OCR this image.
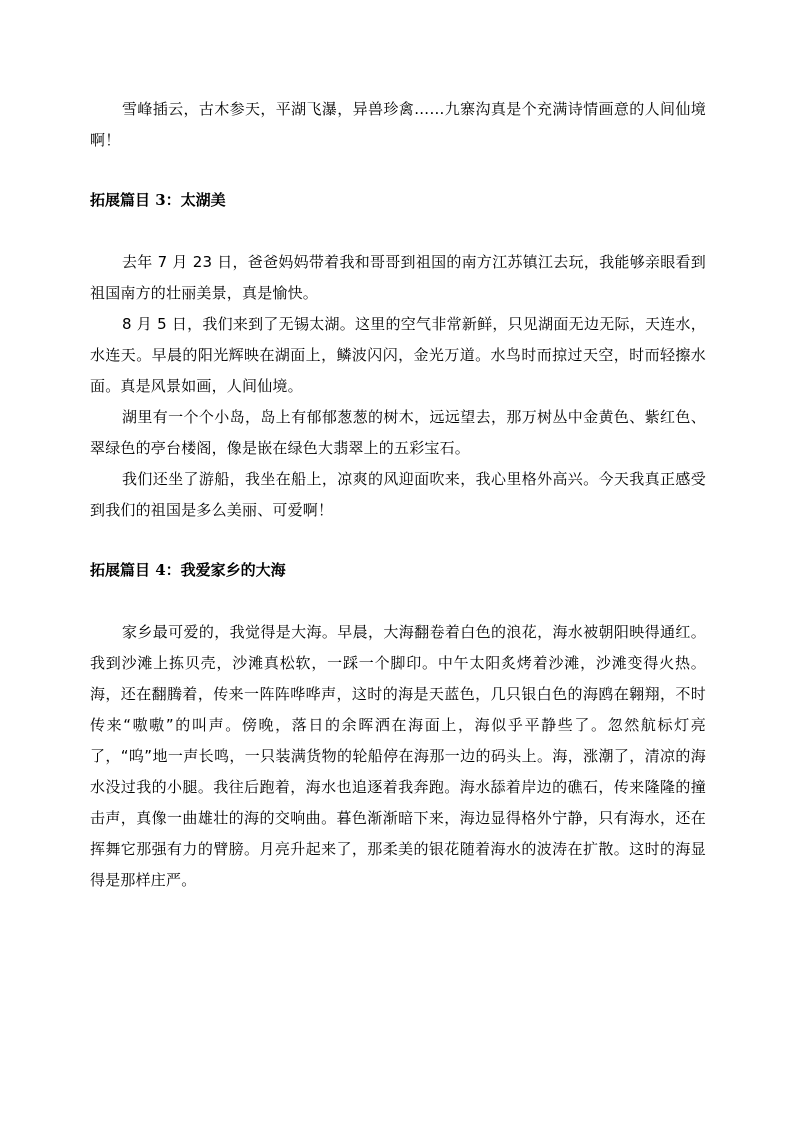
雪峰插云，古木参天，平湖飞瀑，异兽珍禽……九寨沟真是个充满诗情画意的人间仙境啊！

拓展篇目 3：太湖美

去年 7 月 23 日，爸爸妈妈带着我和哥哥到祖国的南方江苏镇江去玩，我能够亲眼看到祖国南方的壮丽美景，真是愉快。

8 月 5 日，我们来到了无锡太湖。这里的空气非常新鲜，只见湖面无边无际，天连水，水连天。早晨的阳光辉映在湖面上，鳞波闪闪，金光万道。水鸟时而掠过天空，时而轻擦水面。真是风景如画，人间仙境。

湖里有一个个小岛，岛上有郁郁葱葱的树木，远远望去，那万树丛中金黄色、紫红色、翠绿色的亭台楼阁，像是嵌在绿色大翡翠上的五彩宝石。

我们还坐了游船，我坐在船上，凉爽的风迎面吹来，我心里格外高兴。今天我真正感受到我们的祖国是多么美丽、可爱啊！

拓展篇目 4：我爱家乡的大海

家乡最可爱的，我觉得是大海。早晨，大海翻卷着白色的浪花，海水被朝阳映得通红。我到沙滩上拣贝壳，沙滩真松软，一踩一个脚印。中午太阳炙烤着沙滩，沙滩变得火热。海，还在翻腾着，传来一阵阵哗哗声，这时的海是天蓝色，几只银白色的海鸥在翱翔，不时传来“嗷嗷”的叫声。傍晚，落日的余晖洒在海面上，海似乎平静些了。忽然航标灯亮了，“呜”地一声长鸣，一只装满货物的轮船停在海那一边的码头上。海，涨潮了，清凉的海水没过我的小腿。我往后跑着，海水也追逐着我奔跑。海水舔着岸边的礁石，传来隆隆的撞击声，真像一曲雄壮的海的交响曲。暮色渐渐暗下来，海边显得格外宁静，只有海水，还在挥舞它那强有力的臂膀。月亮升起来了，那柔美的银花随着海水的波涛在扩散。这时的海显得是那样庄严。
